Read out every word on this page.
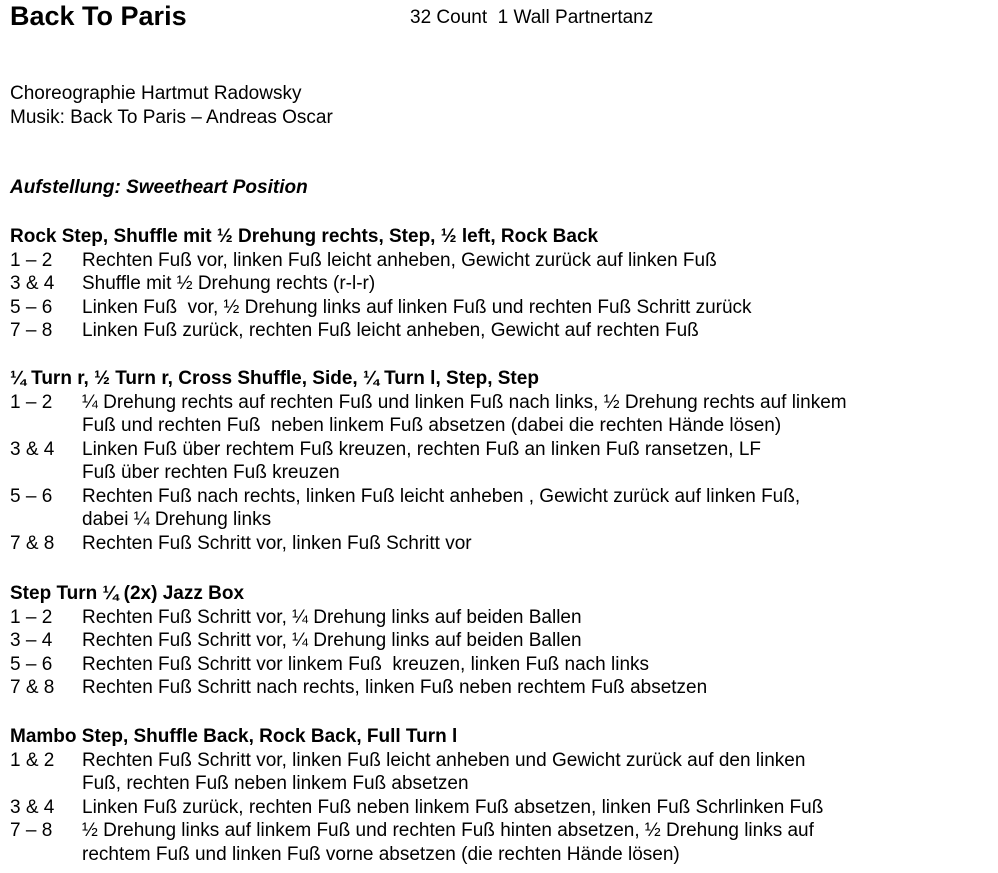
Back To Paris	32 Count  1 Wall Partnertanz
Choreographie Hartmut Radowsky
Musik: Back To Paris – Andreas Oscar
Aufstellung: Sweetheart Position
Rock Step, Shuffle mit ½ Drehung rechts, Step, ½ left, Rock Back
1 – 2	Rechten Fuß vor, linken Fuß leicht anheben, Gewicht zurück auf linken Fuß
3 & 4	Shuffle mit ½ Drehung rechts (r-l-r)
5 – 6	Linken Fuß  vor, ½ Drehung links auf linken Fuß und rechten Fuß Schritt zurück
7 – 8	Linken Fuß zurück, rechten Fuß leicht anheben, Gewicht auf rechten Fuß
¼ Turn r, ½ Turn r, Cross Shuffle, Side, ¼ Turn l, Step, Step
1 – 2	¼ Drehung rechts auf rechten Fuß und linken Fuß nach links, ½ Drehung rechts auf linkem
Fuß und rechten Fuß  neben linkem Fuß absetzen (dabei die rechten Hände lösen)
3 & 4	Linken Fuß über rechtem Fuß kreuzen, rechten Fuß an linken Fuß ransetzen, LF
Fuß über rechten Fuß kreuzen
5 – 6	Rechten Fuß nach rechts, linken Fuß leicht anheben , Gewicht zurück auf linken Fuß,
dabei ¼ Drehung links
7 & 8	Rechten Fuß Schritt vor, linken Fuß Schritt vor
Step Turn ¼ (2x) Jazz Box
1 – 2	Rechten Fuß Schritt vor, ¼ Drehung links auf beiden Ballen
3 – 4	Rechten Fuß Schritt vor, ¼ Drehung links auf beiden Ballen
5 – 6	Rechten Fuß Schritt vor linkem Fuß  kreuzen, linken Fuß nach links
7 & 8	Rechten Fuß Schritt nach rechts, linken Fuß neben rechtem Fuß absetzen
Mambo Step, Shuffle Back, Rock Back, Full Turn l
1 & 2	Rechten Fuß Schritt vor, linken Fuß leicht anheben und Gewicht zurück auf den linken
Fuß, rechten Fuß neben linkem Fuß absetzen
3 & 4	Linken Fuß zurück, rechten Fuß neben linkem Fuß absetzen, linken Fuß Schrlinken Fuß
7 – 8	½ Drehung links auf linkem Fuß und rechten Fuß hinten absetzen, ½ Drehung links auf
rechtem Fuß und linken Fuß vorne absetzen (die rechten Hände lösen)
